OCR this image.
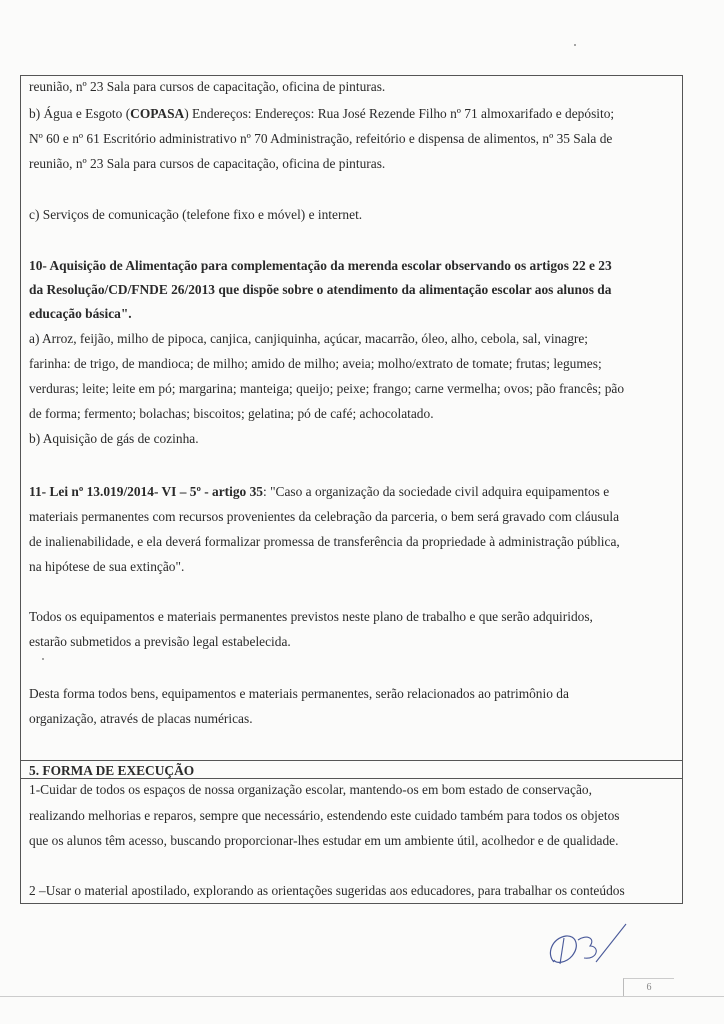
reunião, nº 23 Sala para cursos de capacitação, oficina de pinturas.
b) Água e Esgoto (COPASA) Endereços: Endereços: Rua José Rezende Filho nº 71 almoxarifado e depósito;
Nº 60 e nº 61 Escritório administrativo nº 70 Administração, refeitório e dispensa de alimentos, nº 35 Sala de
reunião, nº 23 Sala para cursos de capacitação, oficina de pinturas.
c) Serviços de comunicação (telefone fixo e móvel) e internet.
10- Aquisição de Alimentação para complementação da merenda escolar observando os artigos 22 e 23
da Resolução/CD/FNDE 26/2013 que dispõe sobre o atendimento da alimentação escolar aos alunos da
educação básica".
a) Arroz, feijão, milho de pipoca, canjica, canjiquinha, açúcar, macarrão, óleo, alho, cebola, sal, vinagre;
farinha: de trigo, de mandioca; de milho; amido de milho; aveia; molho/extrato de tomate; frutas; legumes;
verduras; leite; leite em pó; margarina; manteiga; queijo; peixe; frango; carne vermelha; ovos; pão francês; pão
de forma; fermento; bolachas; biscoitos; gelatina; pó de café; achocolatado.
b) Aquisição de gás de cozinha.
11- Lei nº 13.019/2014- VI – 5º - artigo 35: "Caso a organização da sociedade civil adquira equipamentos e
materiais permanentes com recursos provenientes da celebração da parceria, o bem será gravado com cláusula
de inalienabilidade, e ela deverá formalizar promessa de transferência da propriedade à administração pública,
na hipótese de sua extinção".
Todos os equipamentos e materiais permanentes previstos neste plano de trabalho e que serão adquiridos,
estarão submetidos a previsão legal estabelecida.
Desta forma todos bens, equipamentos e materiais permanentes, serão relacionados ao patrimônio da
organização, através de placas numéricas.
5. FORMA DE EXECUÇÃO
1-Cuidar de todos os espaços de nossa organização escolar, mantendo-os em bom estado de conservação,
realizando melhorias e reparos, sempre que necessário, estendendo este cuidado também para todos os objetos
que os alunos têm acesso, buscando proporcionar-lhes estudar em um ambiente útil, acolhedor e de qualidade.
2 –Usar o material apostilado, explorando as orientações sugeridas aos educadores, para trabalhar os conteúdos
6
